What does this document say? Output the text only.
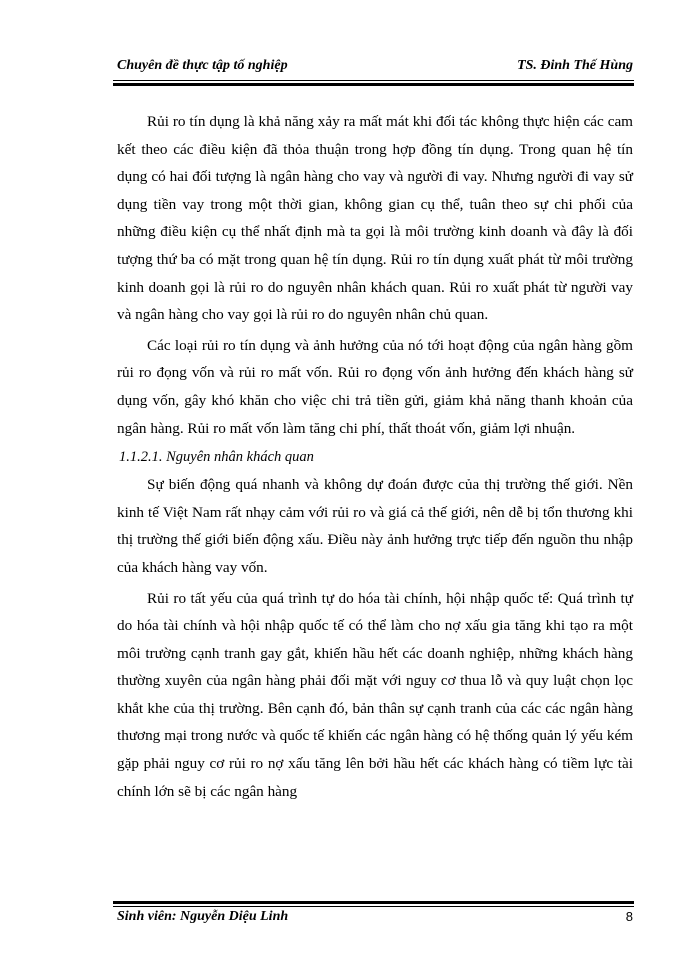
Chuyên đề thực tập tố nghiệp	TS. Đinh Thế Hùng

Rủi ro tín dụng là khả năng xảy ra mất mát khi đối tác không thực hiện các cam kết theo các điều kiện đã thỏa thuận trong hợp đồng tín dụng. Trong quan hệ tín dụng có hai đối tượng là ngân hàng cho vay và người đi vay. Nhưng người đi vay sử dụng tiền vay trong một thời gian, không gian cụ thể, tuân theo sự chi phối của những điều kiện cụ thể nhất định mà ta gọi là môi trường kinh doanh và đây là đối tượng thứ ba có mặt trong quan hệ tín dụng. Rủi ro tín dụng xuất phát từ môi trường kinh doanh gọi là rủi ro do nguyên nhân khách quan. Rủi ro xuất phát từ người vay và ngân hàng cho vay gọi là rủi ro do nguyên nhân chủ quan.

Các loại rủi ro tín dụng và ảnh hưởng của nó tới hoạt động của ngân hàng gồm rủi ro đọng vốn và rủi ro mất vốn. Rủi ro đọng vốn ảnh hưởng đến khách hàng sử dụng vốn, gây khó khăn cho việc chi trả tiền gửi, giảm khả năng thanh khoản của ngân hàng. Rủi ro mất vốn làm tăng chi phí, thất thoát vốn, giảm lợi nhuận.

1.1.2.1. Nguyên nhân khách quan

Sự biến động quá nhanh và không dự đoán được của thị trường thế giới. Nền kinh tế Việt Nam rất nhạy cảm với rủi ro và giá cả thế giới, nên dễ bị tổn thương khi thị trường thế giới biến động xấu. Điều này ảnh hưởng trực tiếp đến nguồn thu nhập của khách hàng vay vốn.

Rủi ro tất yếu của quá trình tự do hóa tài chính, hội nhập quốc tế: Quá trình tự do hóa tài chính và hội nhập quốc tế có thể làm cho nợ xấu gia tăng khi tạo ra một môi trường cạnh tranh gay gắt, khiến hầu hết các doanh nghiệp, những khách hàng thường xuyên của ngân hàng phải đối mặt với nguy cơ thua lỗ và quy luật chọn lọc khắt khe của thị trường. Bên cạnh đó, bản thân sự cạnh tranh của các các ngân hàng thương mại trong nước và quốc tế khiến các ngân hàng có hệ thống quản lý yếu kém gặp phải nguy cơ rủi ro nợ xấu tăng lên bởi hầu hết các khách hàng có tiềm lực tài chính lớn sẽ bị các ngân hàng

Sinh viên: Nguyễn Diệu Linh	8
